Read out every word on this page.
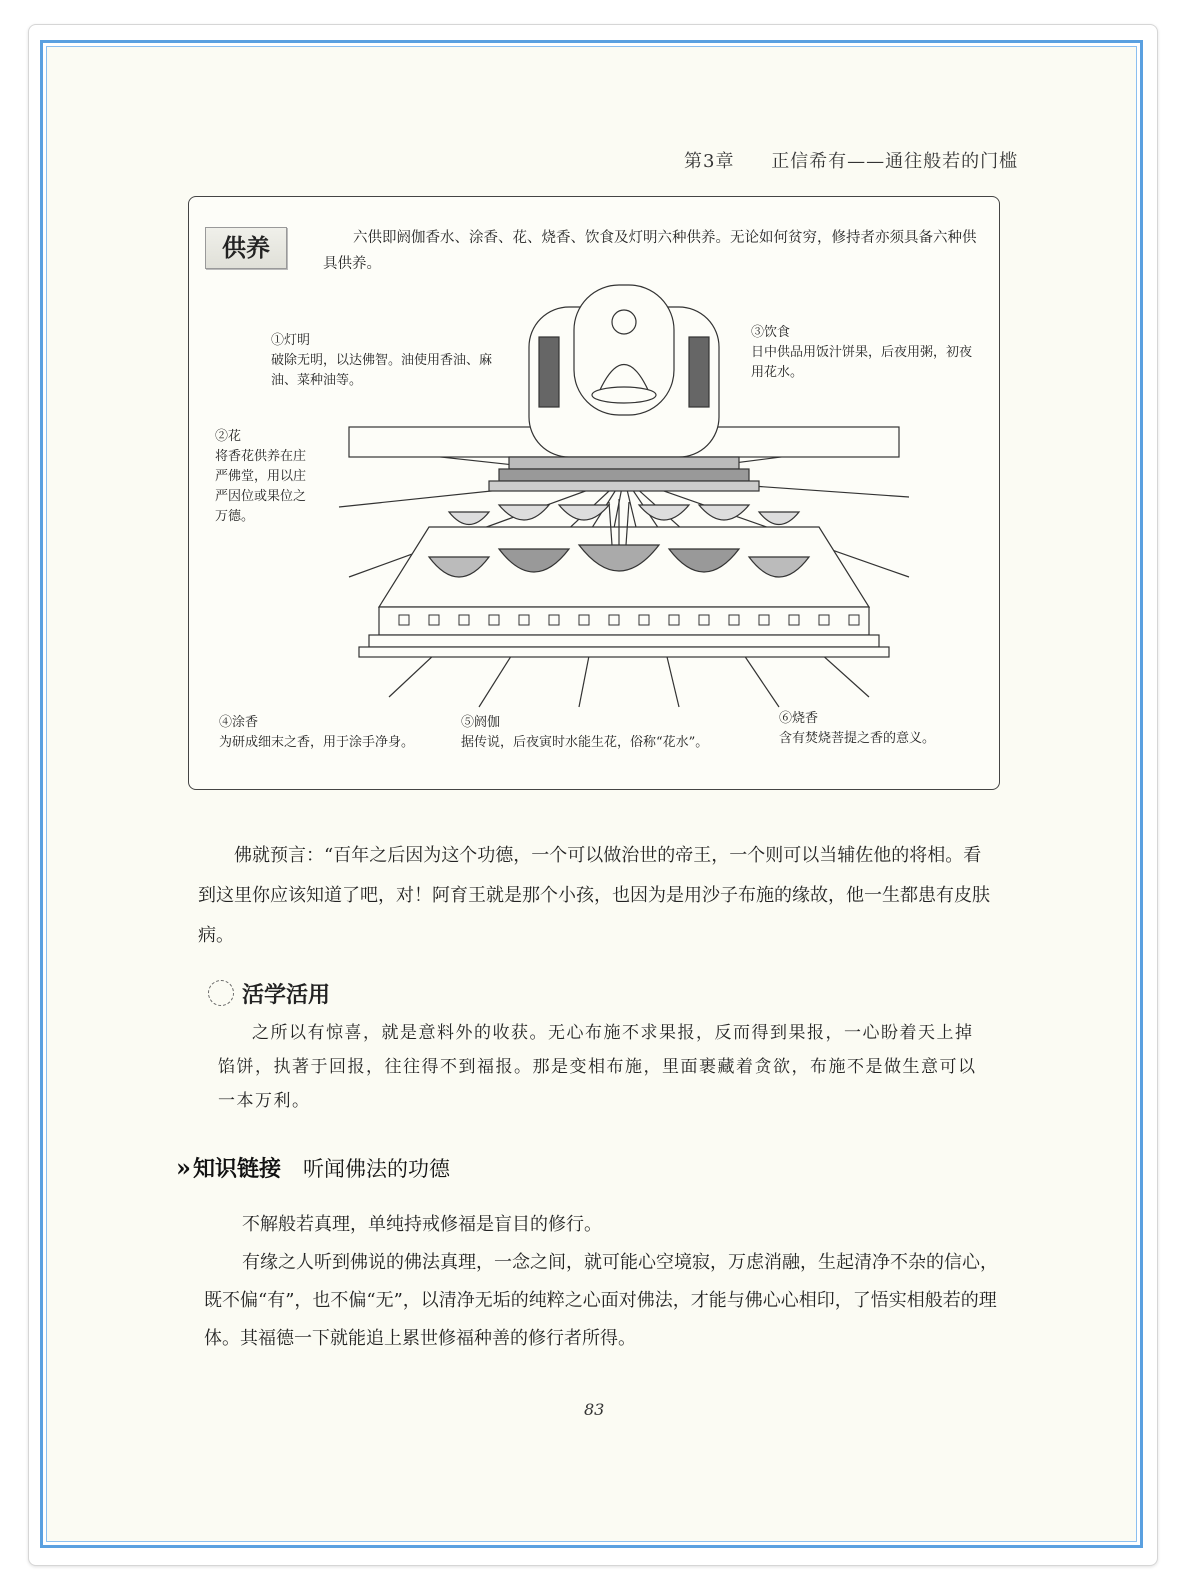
第3章 正信希有——通往般若的门槛
供养	六供即阏伽香水、涂香、花、烧香、饮食及灯明六种供养。无论如何贫穷，修持者亦须具备六种供具供养。
①灯明
破除无明，以达佛智。油使用香油、麻油、菜种油等。
②花
将香花供养在庄严佛堂，用以庄严因位或果位之万德。
③饮食
日中供品用饭汁饼果，后夜用粥，初夜用花水。
④涂香
为研成细末之香，用于涂手净身。
⑤阏伽
据传说，后夜寅时水能生花，俗称“花水”。
⑥烧香
含有焚烧菩提之香的意义。
佛就预言：“百年之后因为这个功德，一个可以做治世的帝王，一个则可以当辅佐他的将相。看到这里你应该知道了吧，对！阿育王就是那个小孩，也因为是用沙子布施的缘故，他一生都患有皮肤病。
活学活用
之所以有惊喜，就是意料外的收获。无心布施不求果报，反而得到果报，一心盼着天上掉馅饼，执著于回报，往往得不到福报。那是变相布施，里面裹藏着贪欲，布施不是做生意可以一本万利。
»知识链接 听闻佛法的功德

不解般若真理，单纯持戒修福是盲目的修行。

有缘之人听到佛说的佛法真理，一念之间，就可能心空境寂，万虑消融，生起清净不杂的信心，既不偏“有”，也不偏“无”，以清净无垢的纯粹之心面对佛法，才能与佛心心相印，了悟实相般若的理体。其福德一下就能追上累世修福种善的修行者所得。

83
